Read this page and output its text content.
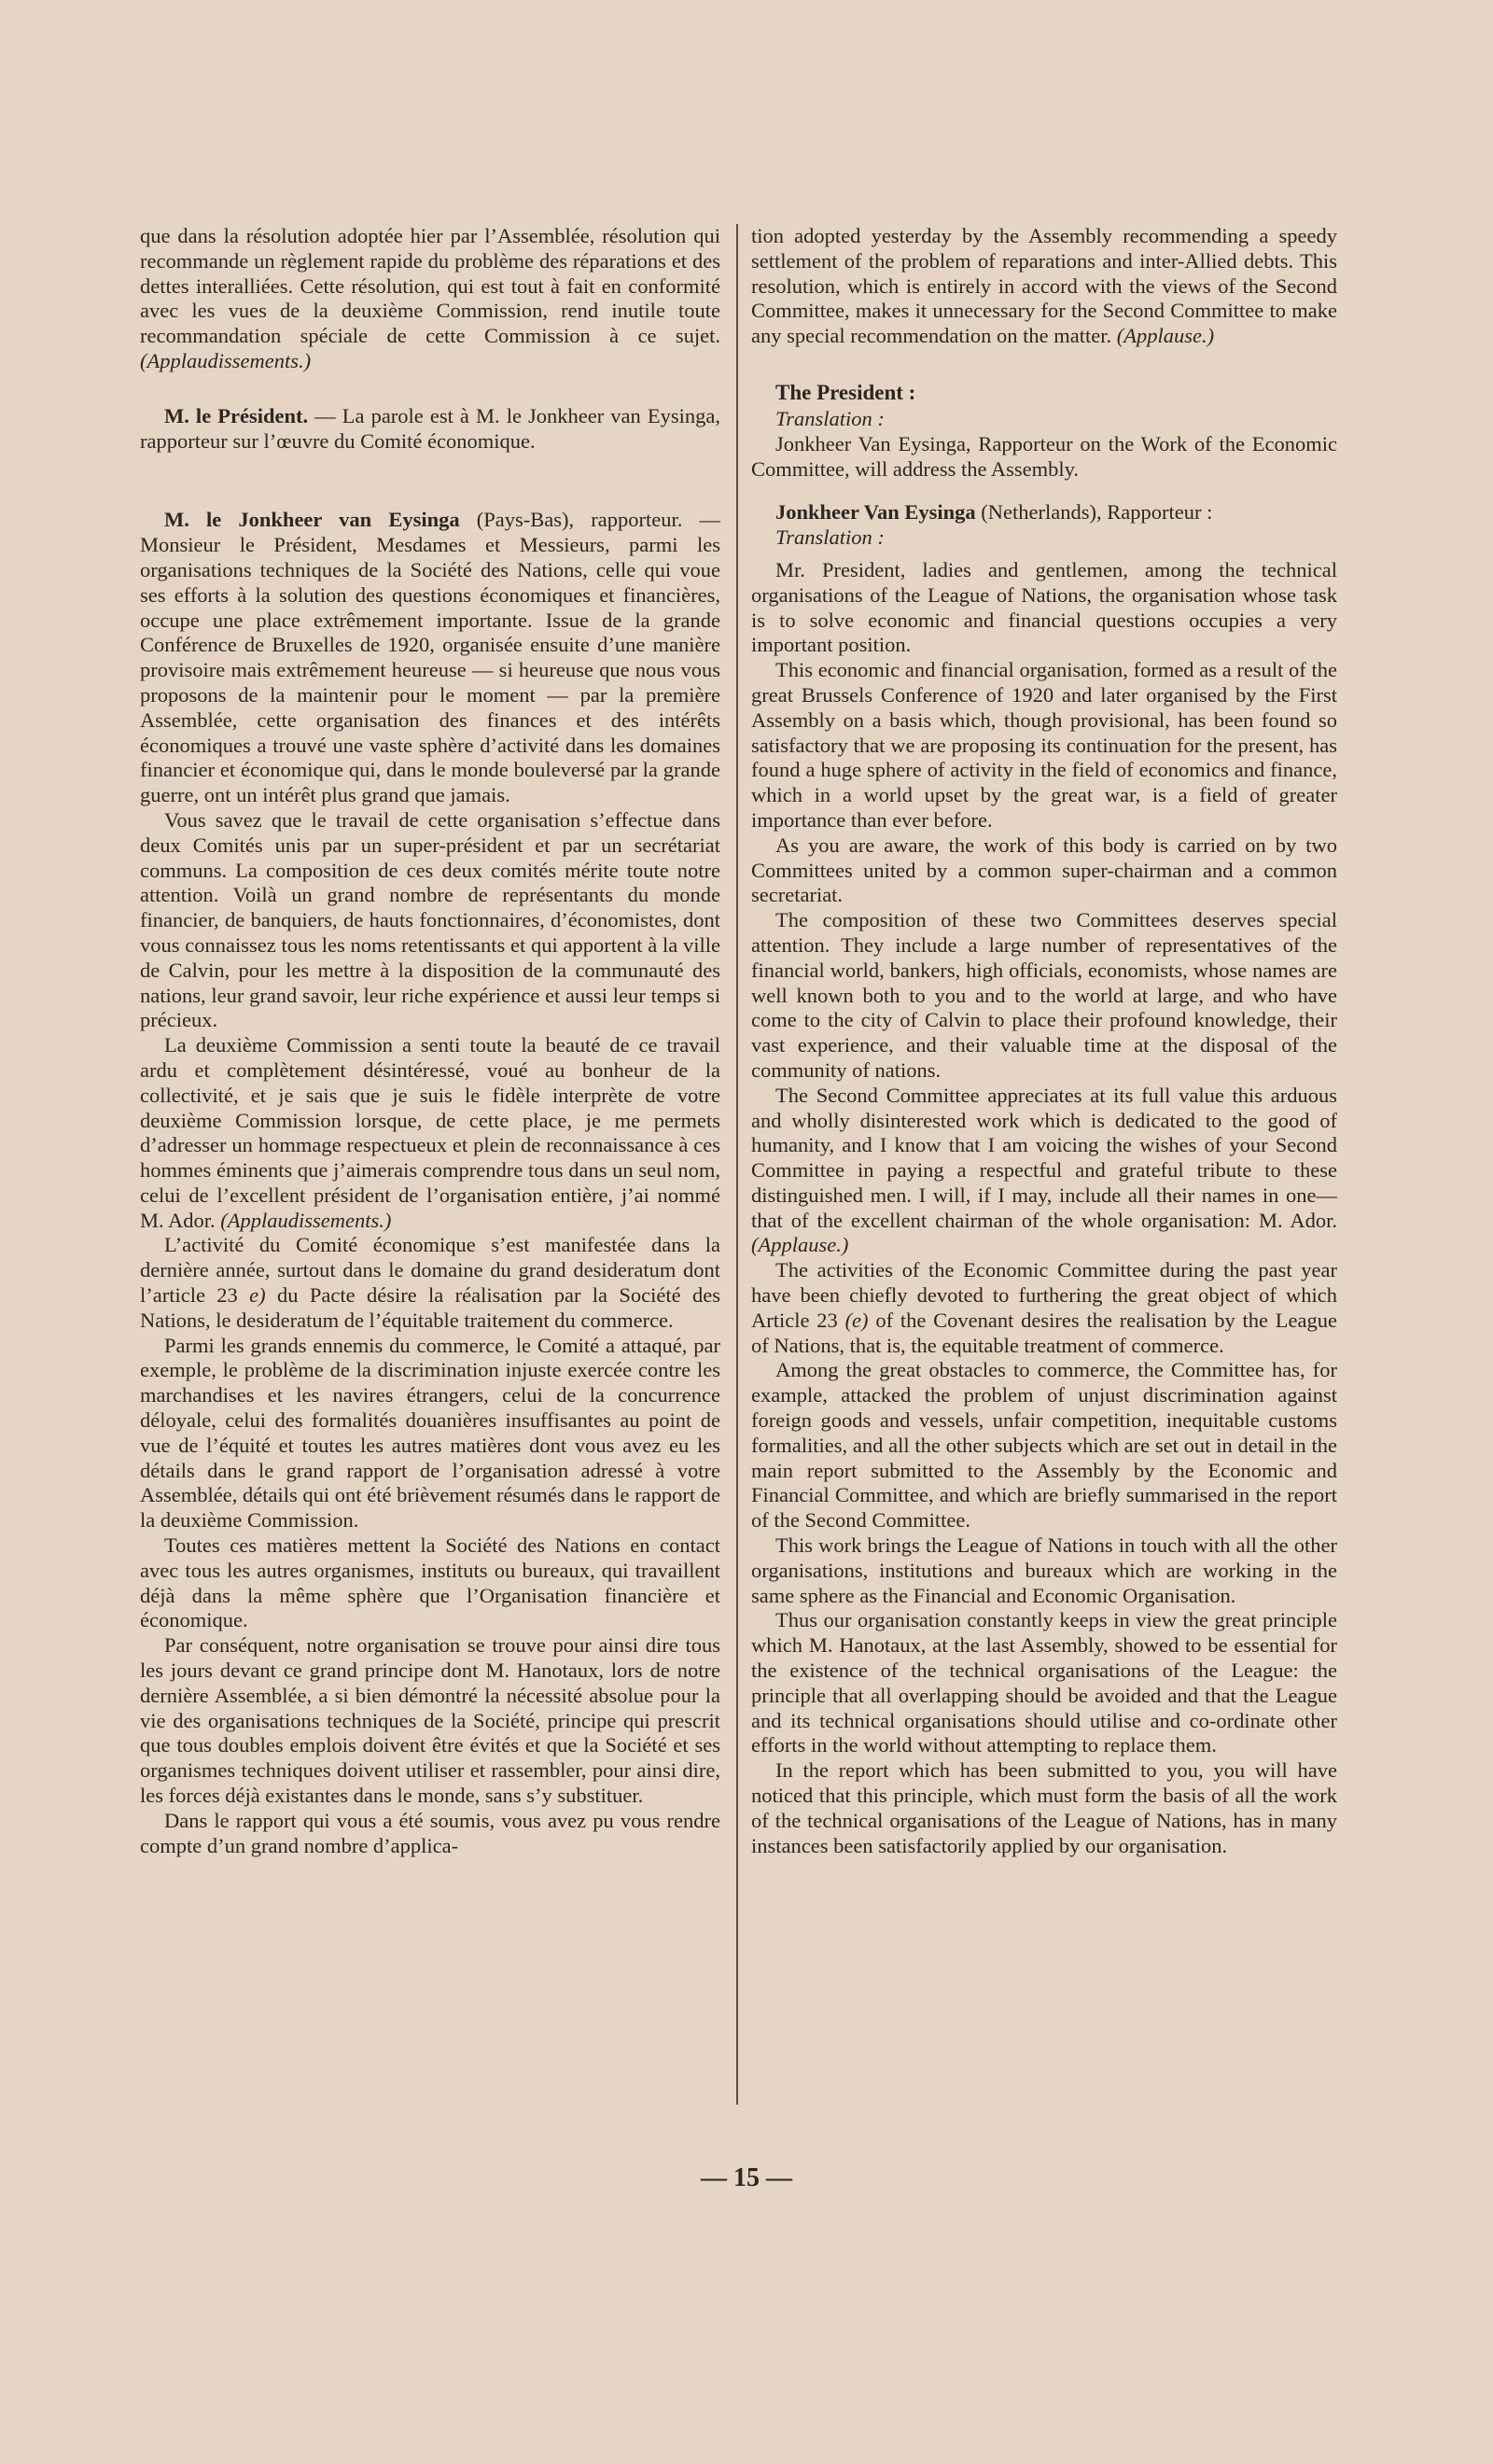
que dans la résolution adoptée hier par l’Assemblée, résolution qui recommande un règlement rapide du problème des réparations et des dettes interalliées. Cette résolution, qui est tout à fait en conformité avec les vues de la deuxième Commission, rend inutile toute recommandation spéciale de cette Commission à ce sujet. (Applaudissements.)

M. le Président. — La parole est à M. le Jonkheer van Eysinga, rapporteur sur l’œuvre du Comité économique.

M. le Jonkheer van Eysinga (Pays-Bas), rapporteur. — Monsieur le Président, Mesdames et Messieurs, parmi les organisations techniques de la Société des Nations, celle qui voue ses efforts à la solution des questions économiques et financières, occupe une place extrêmement importante. Issue de la grande Conférence de Bruxelles de 1920, organisée ensuite d’une manière provisoire mais extrêmement heureuse — si heureuse que nous vous proposons de la maintenir pour le moment — par la première Assemblée, cette organisation des finances et des intérêts économiques a trouvé une vaste sphère d’activité dans les domaines financier et économique qui, dans le monde bouleversé par la grande guerre, ont un intérêt plus grand que jamais.

Vous savez que le travail de cette organisation s’effectue dans deux Comités unis par un super-président et par un secrétariat communs. La composition de ces deux comités mérite toute notre attention. Voilà un grand nombre de représentants du monde financier, de banquiers, de hauts fonctionnaires, d’économistes, dont vous connaissez tous les noms retentissants et qui apportent à la ville de Calvin, pour les mettre à la disposition de la communauté des nations, leur grand savoir, leur riche expérience et aussi leur temps si précieux.

La deuxième Commission a senti toute la beauté de ce travail ardu et complètement désintéressé, voué au bonheur de la collectivité, et je sais que je suis le fidèle interprète de votre deuxième Commission lorsque, de cette place, je me permets d’adresser un hommage respectueux et plein de reconnaissance à ces hommes éminents que j’aimerais comprendre tous dans un seul nom, celui de l’excellent président de l’organisation entière, j’ai nommé M. Ador. (Applaudissements.)

L’activité du Comité économique s’est manifestée dans la dernière année, surtout dans le domaine du grand desideratum dont l’article 23 e) du Pacte désire la réalisation par la Société des Nations, le desideratum de l’équitable traitement du commerce.

Parmi les grands ennemis du commerce, le Comité a attaqué, par exemple, le problème de la discrimination injuste exercée contre les marchandises et les navires étrangers, celui de la concurrence déloyale, celui des formalités douanières insuffisantes au point de vue de l’équité et toutes les autres matières dont vous avez eu les détails dans le grand rapport de l’organisation adressé à votre Assemblée, détails qui ont été brièvement résumés dans le rapport de la deuxième Commission.

Toutes ces matières mettent la Société des Nations en contact avec tous les autres organismes, instituts ou bureaux, qui travaillent déjà dans la même sphère que l’Organisation financière et économique.

Par conséquent, notre organisation se trouve pour ainsi dire tous les jours devant ce grand principe dont M. Hanotaux, lors de notre dernière Assemblée, a si bien démontré la nécessité absolue pour la vie des organisations techniques de la Société, principe qui prescrit que tous doubles emplois doivent être évités et que la Société et ses organismes techniques doivent utiliser et rassembler, pour ainsi dire, les forces déjà existantes dans le monde, sans s’y substituer.

Dans le rapport qui vous a été soumis, vous avez pu vous rendre compte d’un grand nombre d’applica-

tion adopted yesterday by the Assembly recommending a speedy settlement of the problem of reparations and inter-Allied debts. This resolution, which is entirely in accord with the views of the Second Committee, makes it unnecessary for the Second Committee to make any special recommendation on the matter. (Applause.)

The President :

Translation :

Jonkheer Van Eysinga, Rapporteur on the Work of the Economic Committee, will address the Assembly.

Jonkheer Van Eysinga (Netherlands), Rapporteur :

Translation :

Mr. President, ladies and gentlemen, among the technical organisations of the League of Nations, the organisation whose task is to solve economic and financial questions occupies a very important position.

This economic and financial organisation, formed as a result of the great Brussels Conference of 1920 and later organised by the First Assembly on a basis which, though provisional, has been found so satisfactory that we are proposing its continuation for the present, has found a huge sphere of activity in the field of economics and finance, which in a world upset by the great war, is a field of greater importance than ever before.

As you are aware, the work of this body is carried on by two Committees united by a common super-chairman and a common secretariat.

The composition of these two Committees deserves special attention. They include a large number of representatives of the financial world, bankers, high officials, economists, whose names are well known both to you and to the world at large, and who have come to the city of Calvin to place their profound knowledge, their vast experience, and their valuable time at the disposal of the community of nations.

The Second Committee appreciates at its full value this arduous and wholly disinterested work which is dedicated to the good of humanity, and I know that I am voicing the wishes of your Second Committee in paying a respectful and grateful tribute to these distinguished men. I will, if I may, include all their names in one—that of the excellent chairman of the whole organisation: M. Ador. (Applause.)

The activities of the Economic Committee during the past year have been chiefly devoted to furthering the great object of which Article 23 (e) of the Covenant desires the realisation by the League of Nations, that is, the equitable treatment of commerce.

Among the great obstacles to commerce, the Committee has, for example, attacked the problem of unjust discrimination against foreign goods and vessels, unfair competition, inequitable customs formalities, and all the other subjects which are set out in detail in the main report submitted to the Assembly by the Economic and Financial Committee, and which are briefly summarised in the report of the Second Committee.

This work brings the League of Nations in touch with all the other organisations, institutions and bureaux which are working in the same sphere as the Financial and Economic Organisation.

Thus our organisation constantly keeps in view the great principle which M. Hanotaux, at the last Assembly, showed to be essential for the existence of the technical organisations of the League: the principle that all overlapping should be avoided and that the League and its technical organisations should utilise and co-ordinate other efforts in the world without attempting to replace them.

In the report which has been submitted to you, you will have noticed that this principle, which must form the basis of all the work of the technical organisations of the League of Nations, has in many instances been satisfactorily applied by our organisation.

— 15 —
